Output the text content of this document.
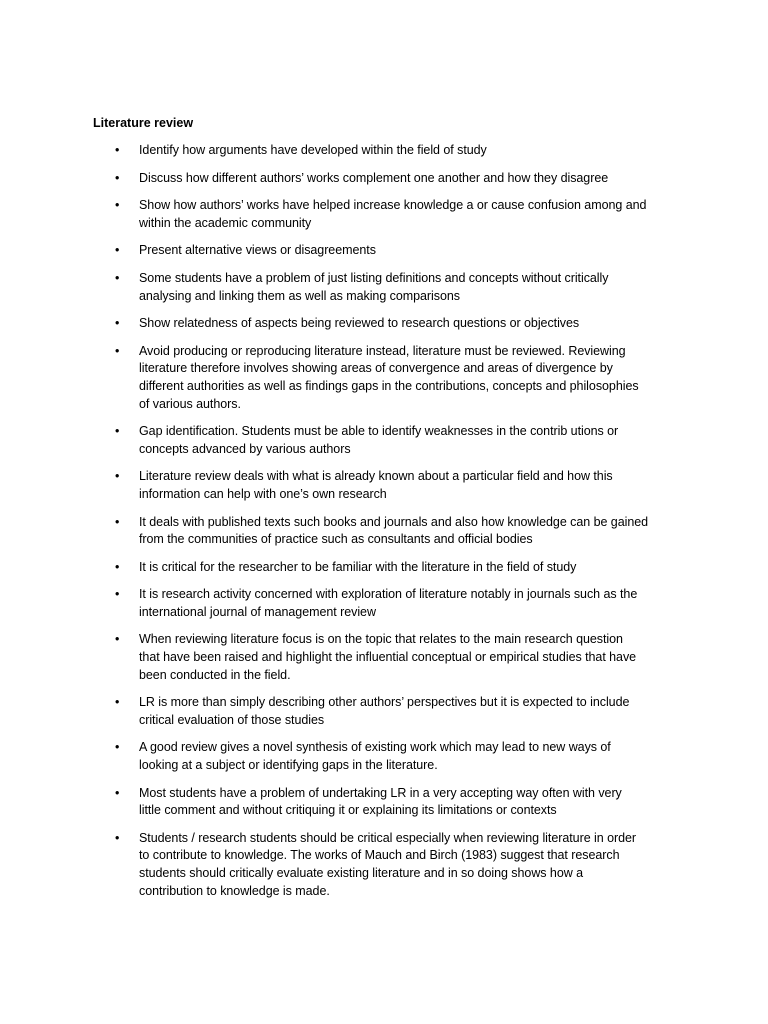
Literature review
• Identify how arguments have developed within the field of study
• Discuss how different authors’ works complement one another and how they disagree
• Show how authors’ works have helped increase knowledge a or cause confusion among and
within the academic community
• Present alternative views or disagreements
• Some students have a problem of just listing definitions and concepts without critically
analysing and linking them as well as making comparisons
• Show relatedness of aspects being reviewed to research questions or objectives
• Avoid producing or reproducing literature instead, literature must be reviewed. Reviewing
literature therefore involves showing areas of convergence and areas of divergence by
different authorities as well as findings gaps in the contributions, concepts and philosophies
of various authors.
• Gap identification. Students must be able to identify weaknesses in the contrib utions or
concepts advanced by various authors
• Literature review deals with what is already known about a particular field and how this
information can help with one’s own research
• It deals with published texts such books and journals and also how knowledge can be gained
from the communities of practice such as consultants and official bodies
• It is critical for the researcher to be familiar with the literature in the field of study
• It is research activity concerned with exploration of literature notably in journals such as the
international journal of management review
• When reviewing literature focus is on the topic that relates to the main research question
that have been raised and highlight the influential conceptual or empirical studies that have
been conducted in the field.
• LR is more than simply describing other authors’ perspectives but it is expected to include
critical evaluation of those studies
• A good review gives a novel synthesis of existing work which may lead to new ways of
looking at a subject or identifying gaps in the literature.
• Most students have a problem of undertaking LR in a very accepting way often with very
little comment and without critiquing it or explaining its limitations or contexts
• Students / research students should be critical especially when reviewing literature in order
to contribute to knowledge. The works of Mauch and Birch (1983) suggest that research
students should critically evaluate existing literature and in so doing shows how a
contribution to knowledge is made.
